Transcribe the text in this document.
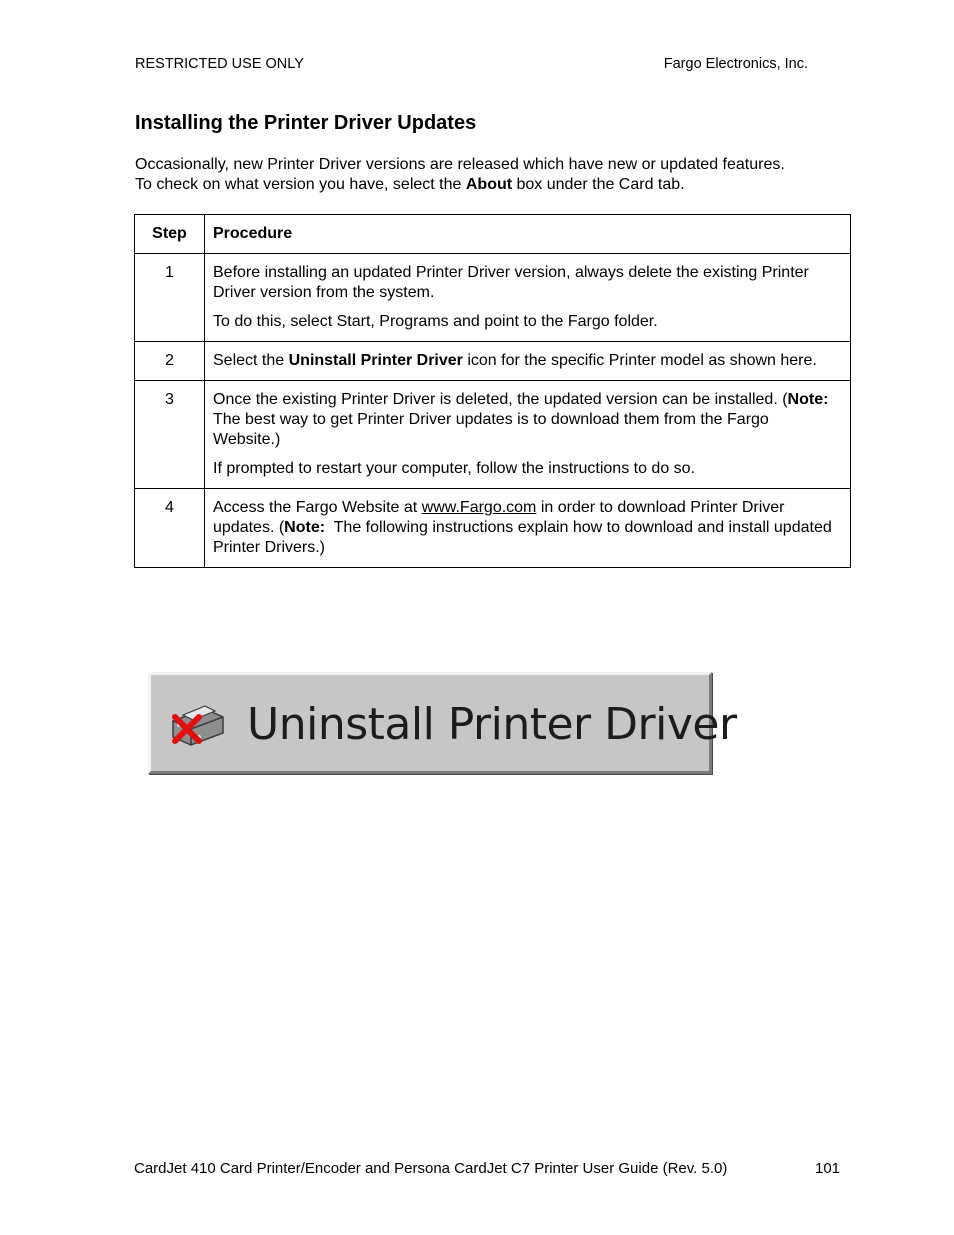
RESTRICTED USE ONLY	Fargo Electronics, Inc.
Installing the Printer Driver Updates

Occasionally, new Printer Driver versions are released which have new or updated features.
To check on what version you have, select the About box under the Card tab.

Step	Procedure
1	Before installing an updated Printer Driver version, always delete the existing Printer Driver version from the system.

To do this, select Start, Programs and point to the Fargo folder.

2	Select the Uninstall Printer Driver icon for the specific Printer model as shown here.

3	Once the existing Printer Driver is deleted, the updated version can be installed. (Note:  The best way to get Printer Driver updates is to download them from the Fargo Website.)

If prompted to restart your computer, follow the instructions to do so.

4	Access the Fargo Website at www.Fargo.com in order to download Printer Driver updates. (Note:  The following instructions explain how to download and install updated Printer Drivers.)

Uninstall Printer Driver
CardJet 410 Card Printer/Encoder and Persona CardJet C7 Printer User Guide (Rev. 5.0)	101
